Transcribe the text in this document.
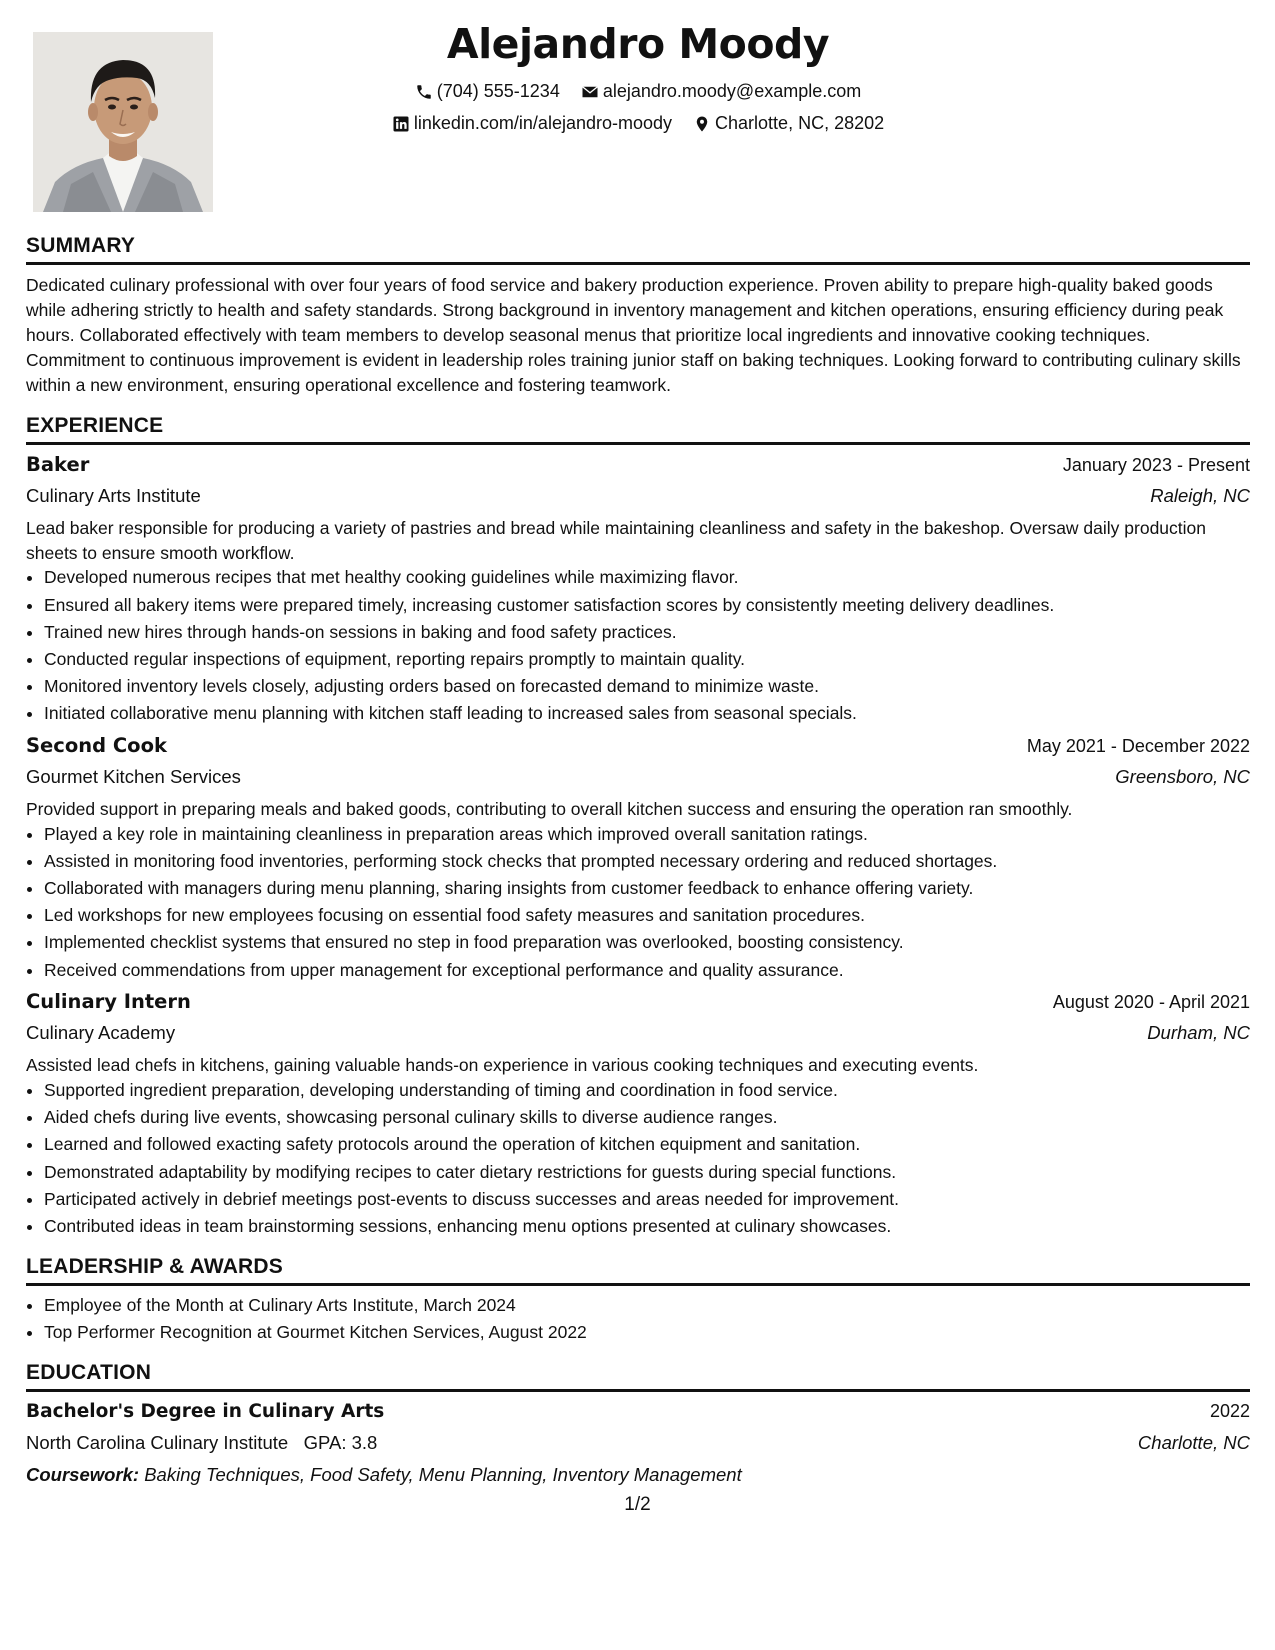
Alejandro Moody
(704) 555-1234
alejandro.moody@example.com
linkedin.com/in/alejandro-moody
Charlotte, NC, 28202
SUMMARY

Dedicated culinary professional with over four years of food service and bakery production experience. Proven ability to prepare high-quality baked goods while adhering strictly to health and safety standards. Strong background in inventory management and kitchen operations, ensuring efficiency during peak hours. Collaborated effectively with team members to develop seasonal menus that prioritize local ingredients and innovative cooking techniques. Commitment to continuous improvement is evident in leadership roles training junior staff on baking techniques. Looking forward to contributing culinary skills within a new environment, ensuring operational excellence and fostering teamwork.

EXPERIENCE
Baker	January 2023 - Present
Culinary Arts Institute	Raleigh, NC
Lead baker responsible for producing a variety of pastries and bread while maintaining cleanliness and safety in the bakeshop. Oversaw daily production sheets to ensure smooth workflow.
• Developed numerous recipes that met healthy cooking guidelines while maximizing flavor.
• Ensured all bakery items were prepared timely, increasing customer satisfaction scores by consistently meeting delivery deadlines.
• Trained new hires through hands-on sessions in baking and food safety practices.
• Conducted regular inspections of equipment, reporting repairs promptly to maintain quality.
• Monitored inventory levels closely, adjusting orders based on forecasted demand to minimize waste.
• Initiated collaborative menu planning with kitchen staff leading to increased sales from seasonal specials.
Second Cook	May 2021 - December 2022
Gourmet Kitchen Services	Greensboro, NC
Provided support in preparing meals and baked goods, contributing to overall kitchen success and ensuring the operation ran smoothly.
• Played a key role in maintaining cleanliness in preparation areas which improved overall sanitation ratings.
• Assisted in monitoring food inventories, performing stock checks that prompted necessary ordering and reduced shortages.
• Collaborated with managers during menu planning, sharing insights from customer feedback to enhance offering variety.
• Led workshops for new employees focusing on essential food safety measures and sanitation procedures.
• Implemented checklist systems that ensured no step in food preparation was overlooked, boosting consistency.
• Received commendations from upper management for exceptional performance and quality assurance.
Culinary Intern	August 2020 - April 2021
Culinary Academy	Durham, NC
Assisted lead chefs in kitchens, gaining valuable hands-on experience in various cooking techniques and executing events.
• Supported ingredient preparation, developing understanding of timing and coordination in food service.
• Aided chefs during live events, showcasing personal culinary skills to diverse audience ranges.
• Learned and followed exacting safety protocols around the operation of kitchen equipment and sanitation.
• Demonstrated adaptability by modifying recipes to cater dietary restrictions for guests during special functions.
• Participated actively in debrief meetings post-events to discuss successes and areas needed for improvement.
• Contributed ideas in team brainstorming sessions, enhancing menu options presented at culinary showcases.
LEADERSHIP & AWARDS
• Employee of the Month at Culinary Arts Institute, March 2024
• Top Performer Recognition at Gourmet Kitchen Services, August 2022
EDUCATION
Bachelor's Degree in Culinary Arts	2022
North Carolina Culinary Institute GPA: 3.8	Charlotte, NC
Coursework: Baking Techniques, Food Safety, Menu Planning, Inventory Management
1/2
